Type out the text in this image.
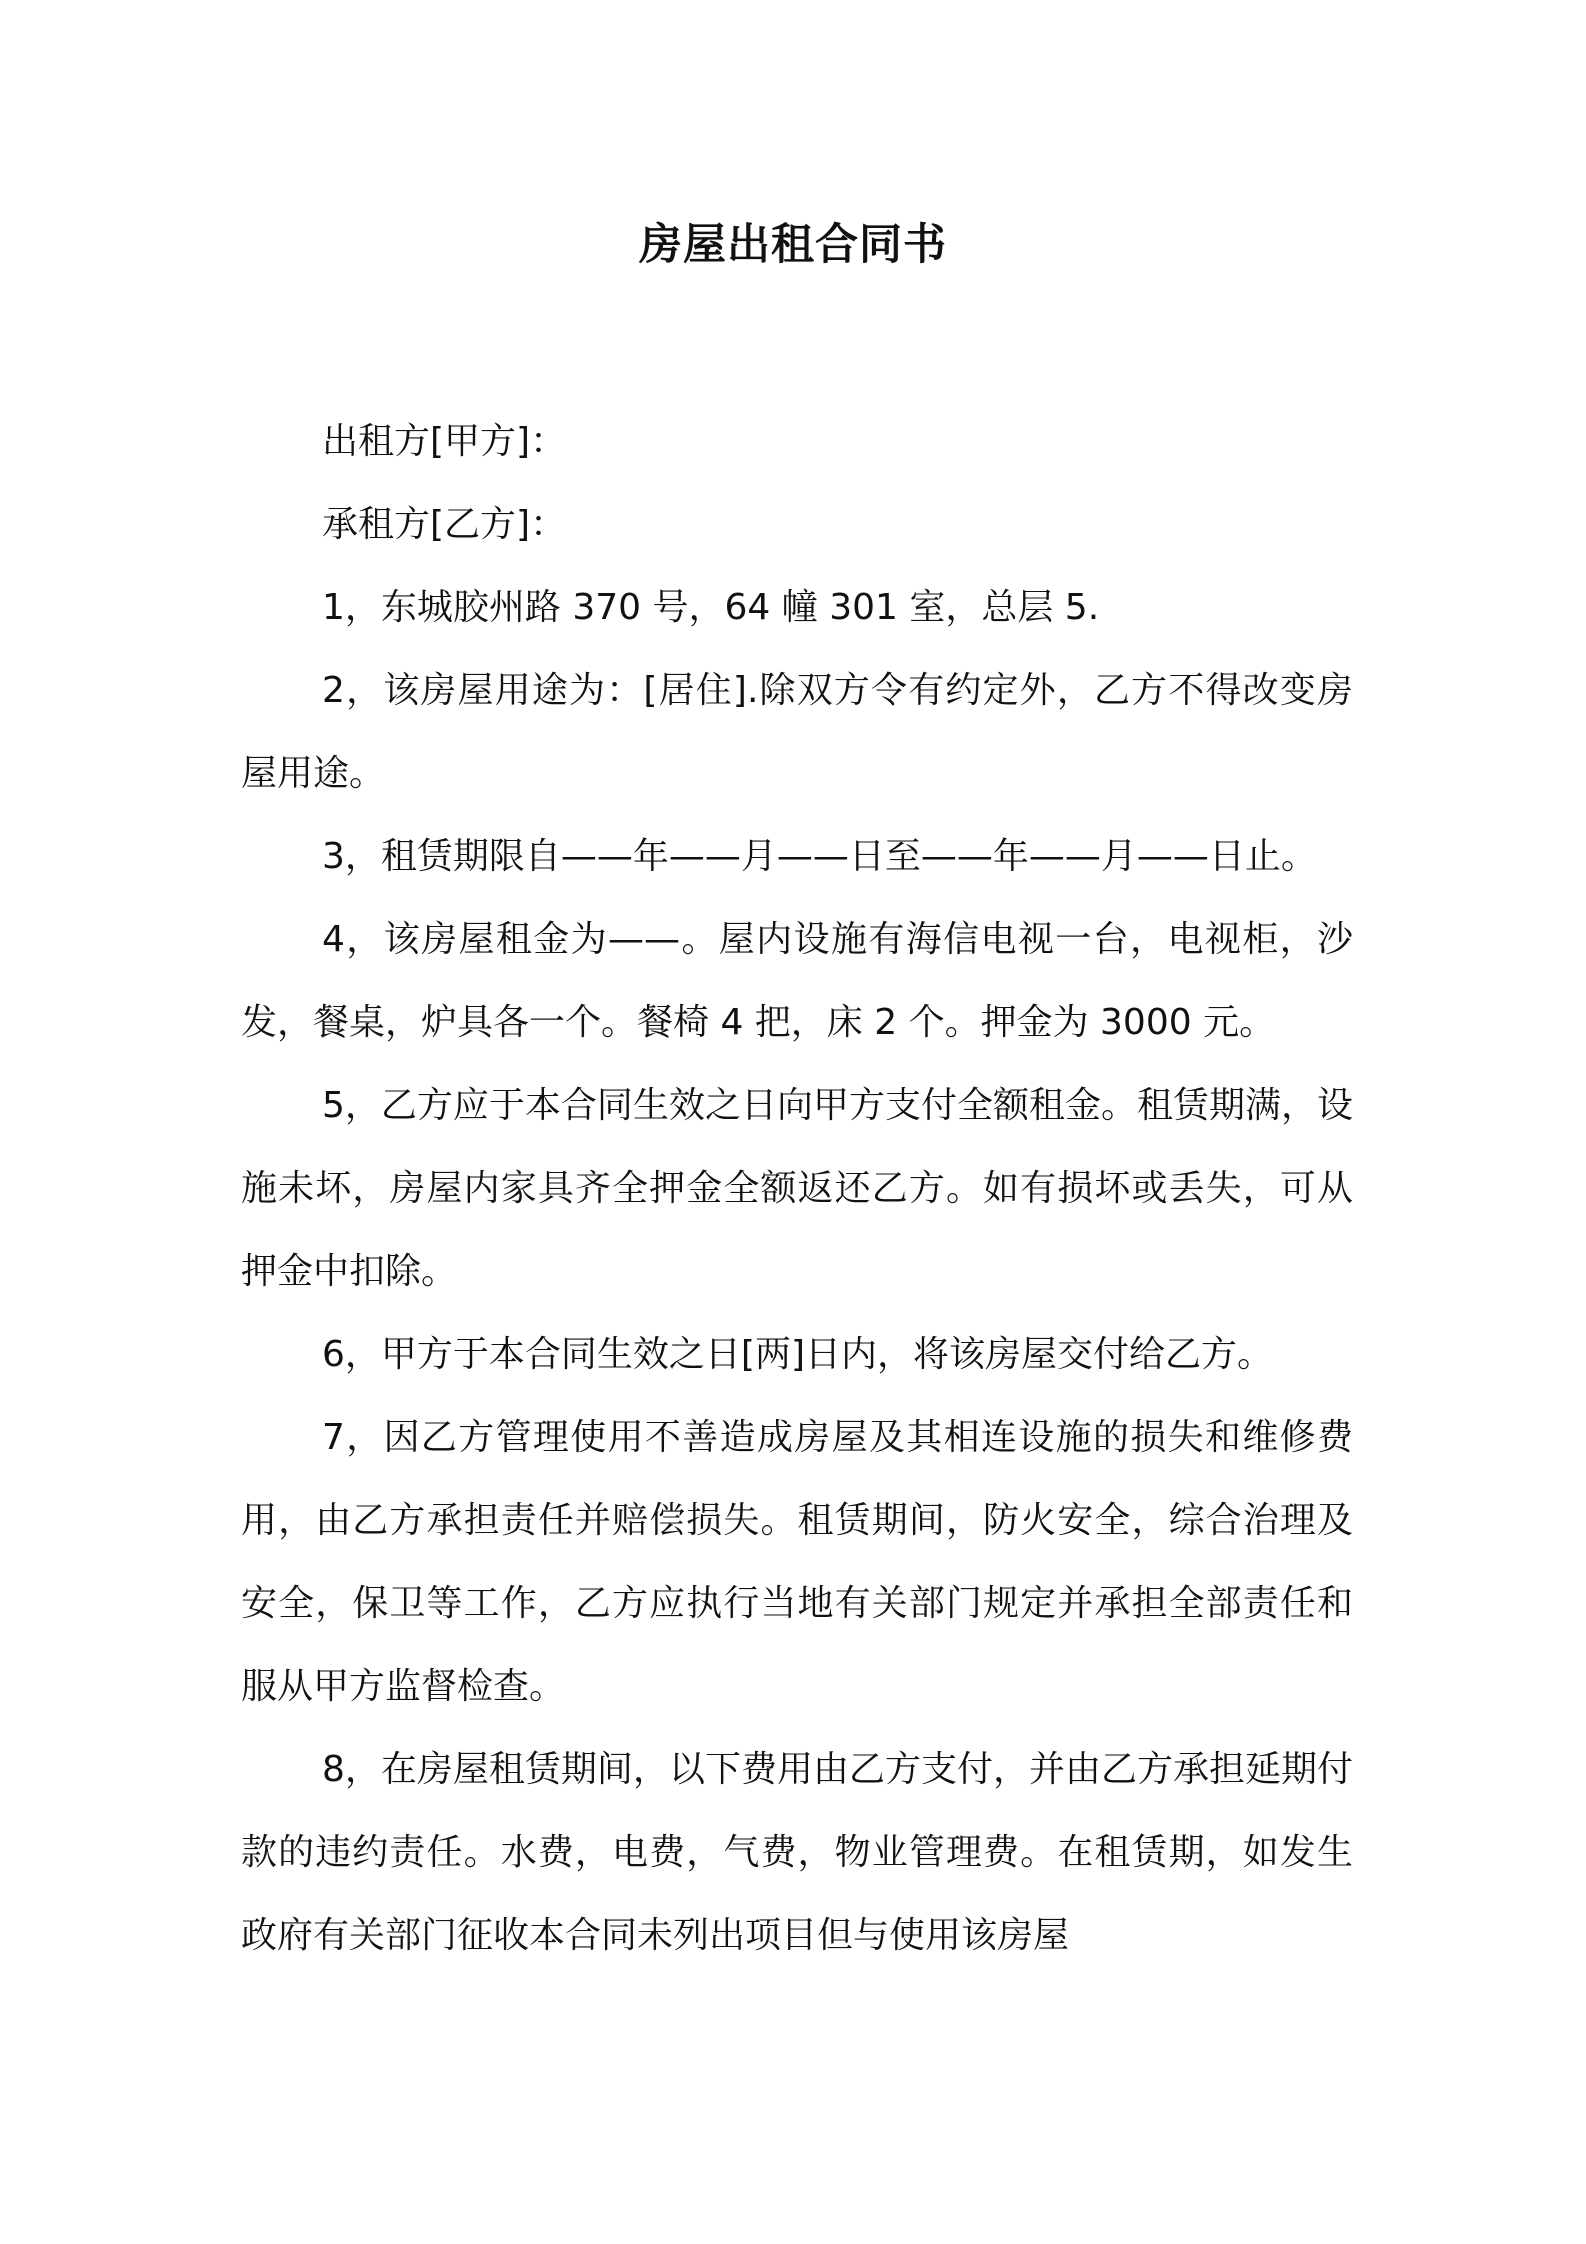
房屋出租合同书

出租方[甲方]：

承租方[乙方]：

1，东城胶州路 370 号，64 幢 301 室，总层 5.

2，该房屋用途为：[居住].除双方令有约定外，乙方不得改变房屋用途。

3，租赁期限自——年——月——日至——年——月——日止。

4，该房屋租金为——。屋内设施有海信电视一台，电视柜，沙发，餐桌，炉具各一个。餐椅 4 把，床 2 个。押金为 3000 元。

5，乙方应于本合同生效之日向甲方支付全额租金。租赁期满，设施未坏，房屋内家具齐全押金全额返还乙方。如有损坏或丢失，可从押金中扣除。

6，甲方于本合同生效之日[两]日内，将该房屋交付给乙方。

7，因乙方管理使用不善造成房屋及其相连设施的损失和维修费用，由乙方承担责任并赔偿损失。租赁期间，防火安全，综合治理及安全，保卫等工作，乙方应执行当地有关部门规定并承担全部责任和服从甲方监督检查。

8，在房屋租赁期间，以下费用由乙方支付，并由乙方承担延期付款的违约责任。水费，电费，气费，物业管理费。在租赁期，如发生政府有关部门征收本合同未列出项目但与使用该房屋
